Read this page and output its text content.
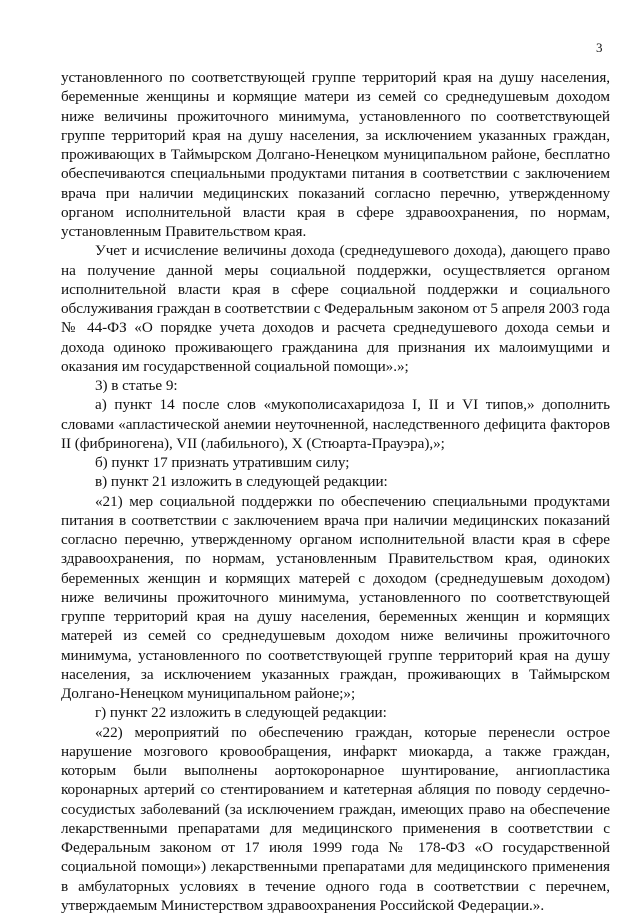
3

установленного по соответствующей группе территорий края на душу населения, беременные женщины и кормящие матери из семей со среднедушевым доходом ниже величины прожиточного минимума, установленного по соответствующей группе территорий края на душу населения, за исключением указанных граждан, проживающих в Таймырском Долгано-Ненецком муниципальном районе, бесплатно обеспечиваются специальными продуктами питания в соответствии с заключением врача при наличии медицинских показаний согласно перечню, утвержденному органом исполнительной власти края в сфере здравоохранения, по нормам, установленным Правительством края.

Учет и исчисление величины дохода (среднедушевого дохода), дающего право на получение данной меры социальной поддержки, осуществляется органом исполнительной власти края в сфере социальной поддержки и социального обслуживания граждан в соответствии с Федеральным законом от 5 апреля 2003 года № 44-ФЗ «О порядке учета доходов и расчета среднедушевого дохода семьи и дохода одиноко проживающего гражданина для признания их малоимущими и оказания им государственной социальной помощи».»;

3) в статье 9:

а) пункт 14 после слов «мукополисахаридоза I, II и VI типов,» дополнить словами «апластической анемии неуточненной, наследственного дефицита факторов II (фибриногена), VII (лабильного), X (Стюарта-Прауэра),»;

б) пункт 17 признать утратившим силу;

в) пункт 21 изложить в следующей редакции:

«21) мер социальной поддержки по обеспечению специальными продуктами питания в соответствии с заключением врача при наличии медицинских показаний согласно перечню, утвержденному органом исполнительной власти края в сфере здравоохранения, по нормам, установленным Правительством края, одиноких беременных женщин и кормящих матерей с доходом (среднедушевым доходом) ниже величины прожиточного минимума, установленного по соответствующей группе территорий края на душу населения, беременных женщин и кормящих матерей из семей со среднедушевым доходом ниже величины прожиточного минимума, установленного по соответствующей группе территорий края на душу населения, за исключением указанных граждан, проживающих в Таймырском Долгано-Ненецком муниципальном районе;»;

г) пункт 22 изложить в следующей редакции:

«22) мероприятий по обеспечению граждан, которые перенесли острое нарушение мозгового кровообращения, инфаркт миокарда, а также граждан, которым были выполнены аортокоронарное шунтирование, ангиопластика коронарных артерий со стентированием и катетерная абляция по поводу сердечно-сосудистых заболеваний (за исключением граждан, имеющих право на обеспечение лекарственными препаратами для медицинского применения в соответствии с Федеральным законом от 17 июля 1999 года № 178-ФЗ «О государственной социальной помощи») лекарственными препаратами для медицинского применения в амбулаторных условиях в течение одного года в соответствии с перечнем, утверждаемым Министерством здравоохранения Российской Федерации.».
